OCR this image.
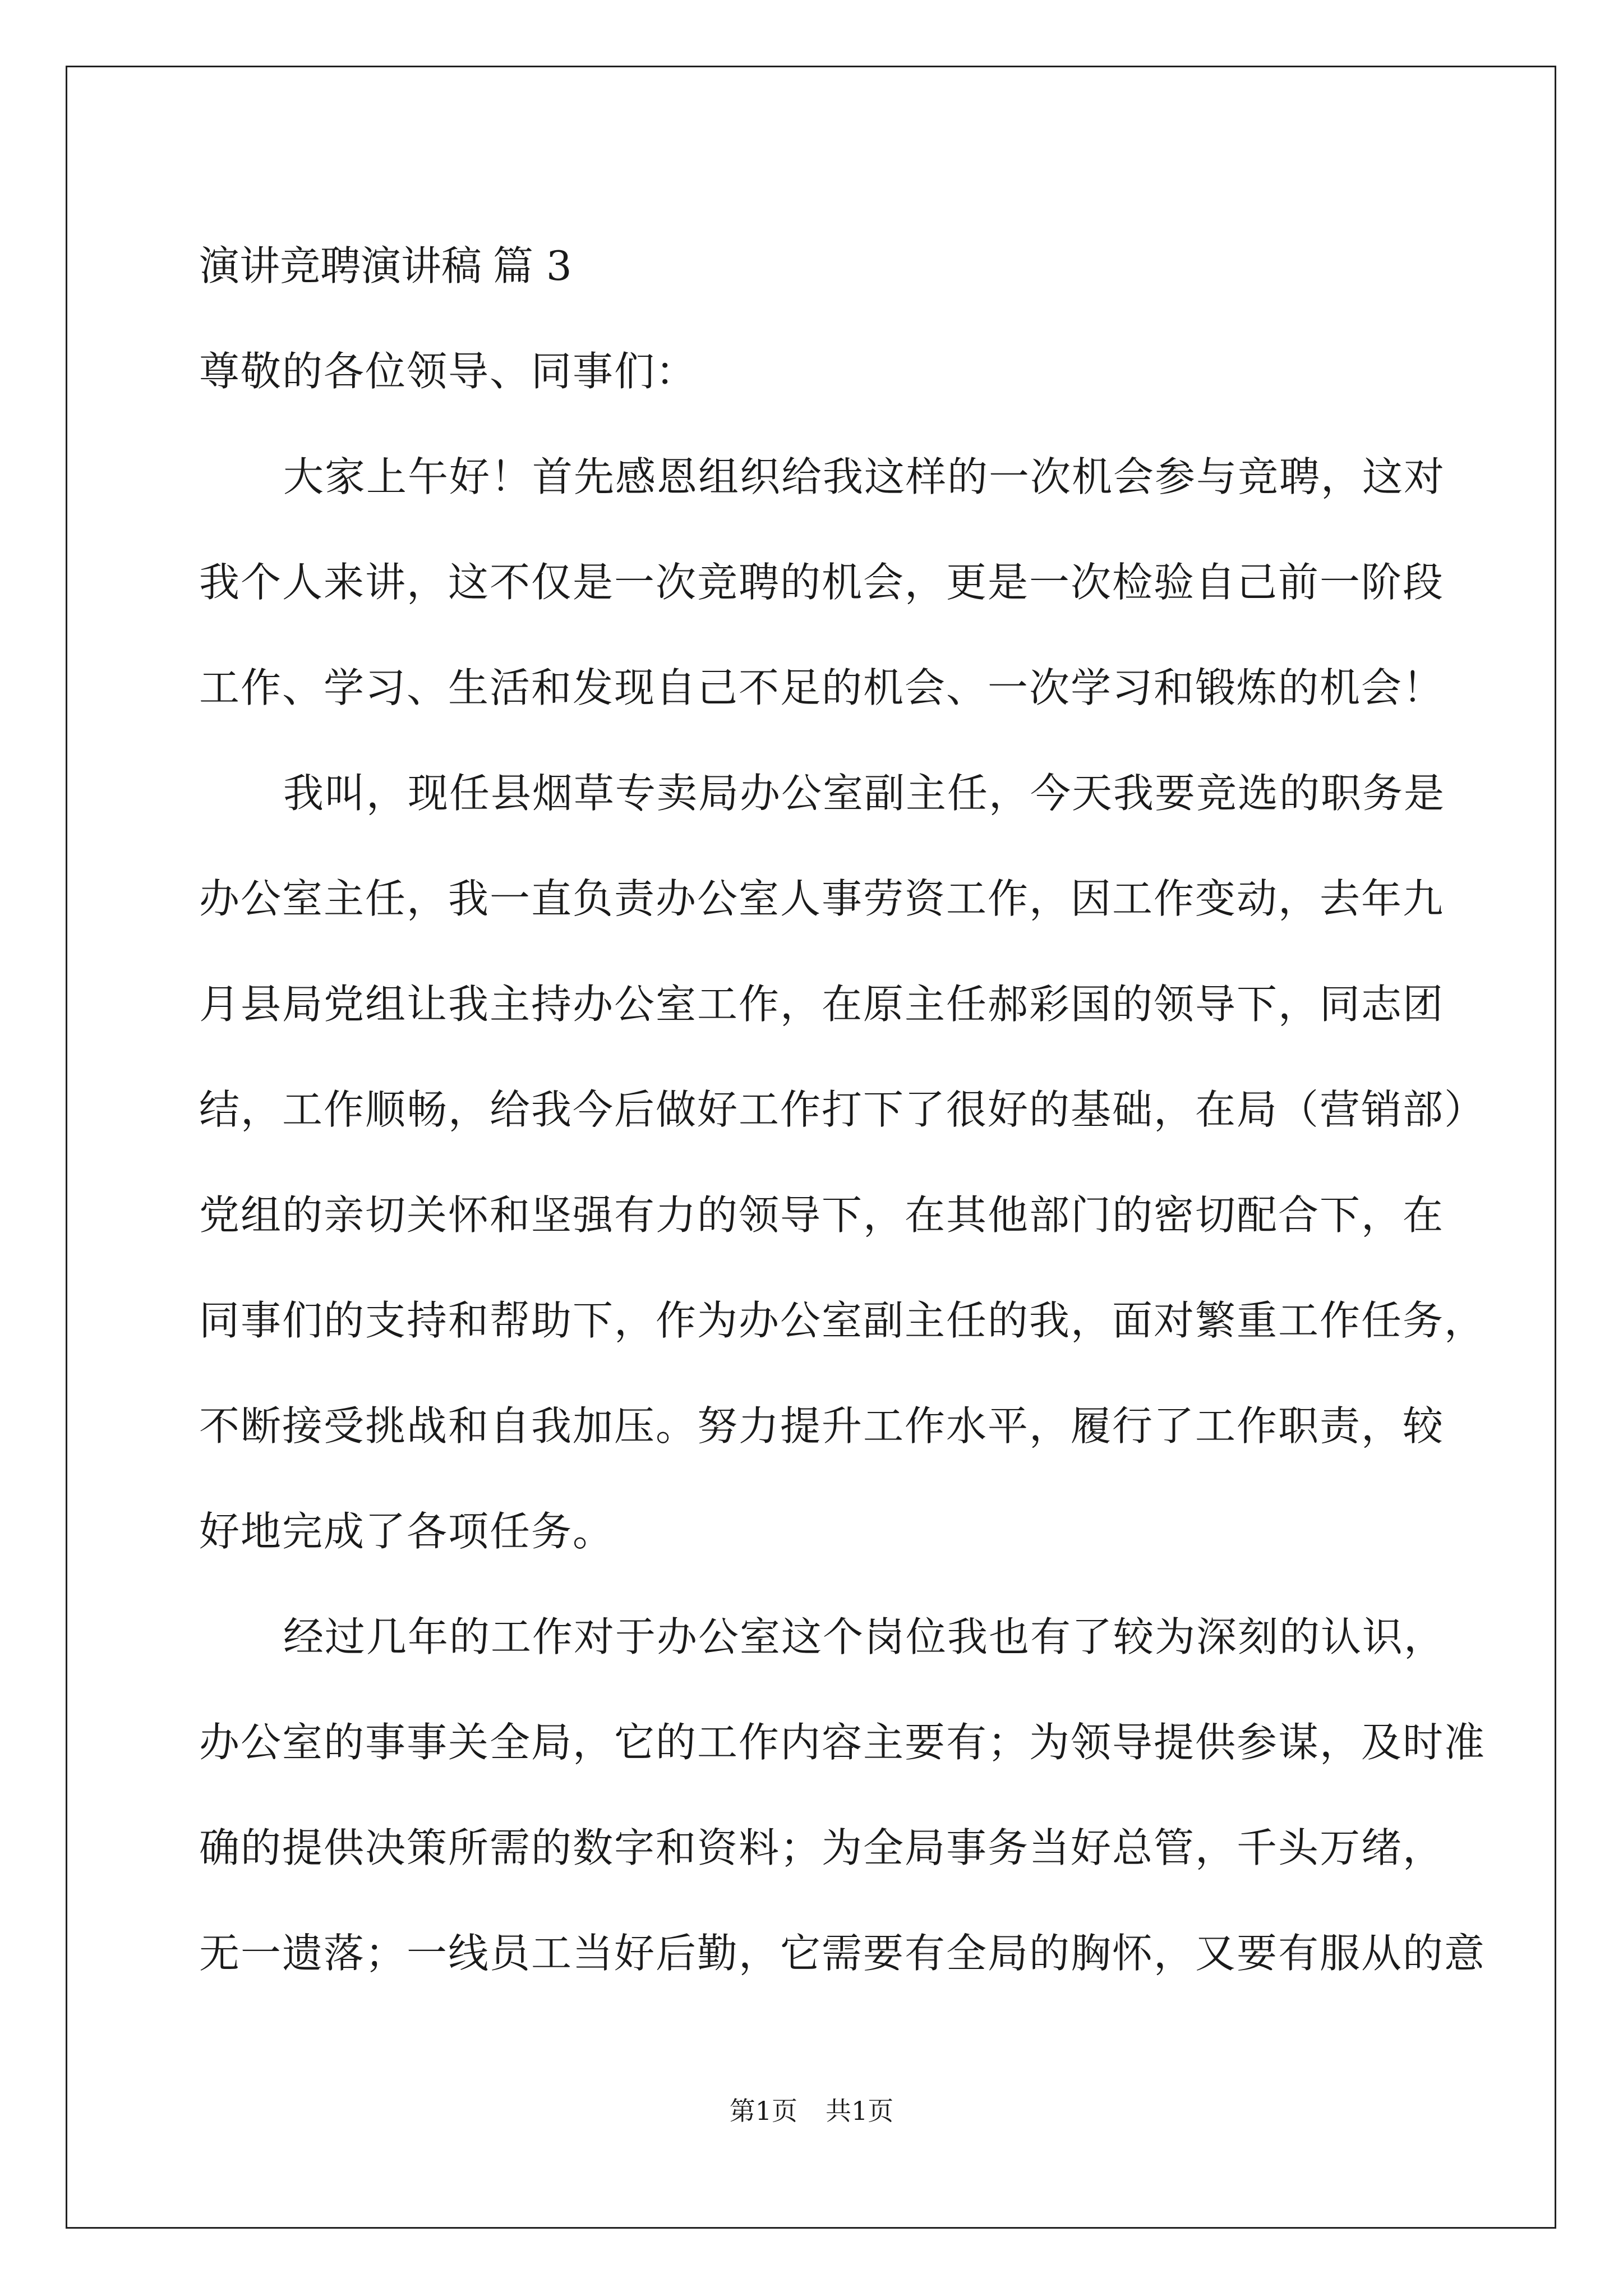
演讲竞聘演讲稿 篇 3
尊敬的各位领导、同事们：
大家上午好！首先感恩组织给我这样的一次机会参与竞聘，这对
我个人来讲，这不仅是一次竞聘的机会，更是一次检验自己前一阶段
工作、学习、生活和发现自己不足的机会、一次学习和锻炼的机会！
我叫，现任县烟草专卖局办公室副主任，今天我要竞选的职务是
办公室主任，我一直负责办公室人事劳资工作，因工作变动，去年九
月县局党组让我主持办公室工作，在原主任郝彩国的领导下，同志团
结，工作顺畅，给我今后做好工作打下了很好的基础，在局（营销部）
党组的亲切关怀和坚强有力的领导下，在其他部门的密切配合下，在
同事们的支持和帮助下，作为办公室副主任的我，面对繁重工作任务，
不断接受挑战和自我加压。努力提升工作水平，履行了工作职责，较
好地完成了各项任务。
经过几年的工作对于办公室这个岗位我也有了较为深刻的认识，
办公室的事事关全局，它的工作内容主要有；为领导提供参谋，及时准
确的提供决策所需的数字和资料；为全局事务当好总管，千头万绪，
无一遗落；一线员工当好后勤，它需要有全局的胸怀，又要有服从的意
第1页 共1页
